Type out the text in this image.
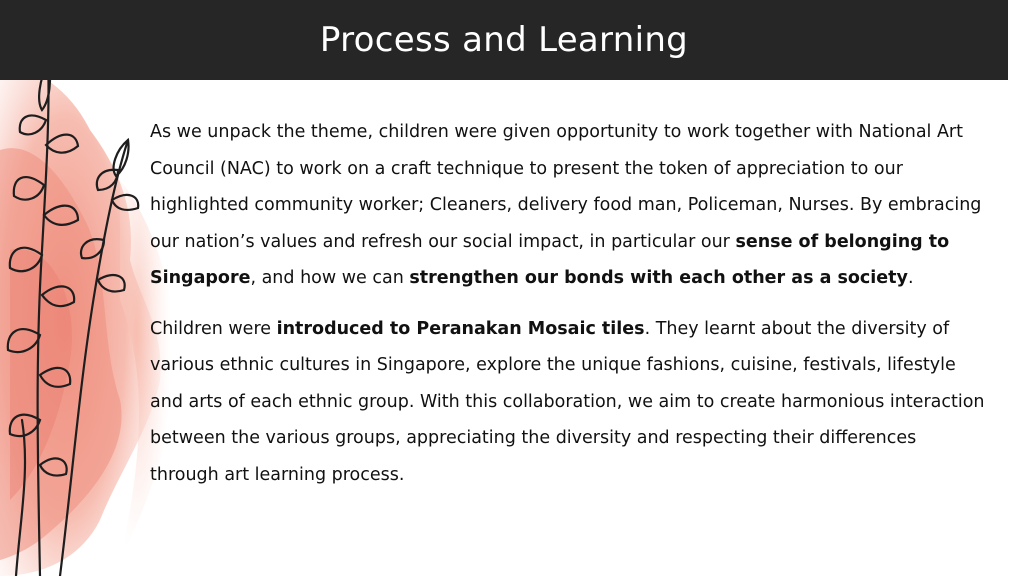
Process and Learning

As we unpack the theme, children were given opportunity to work together with National Art Council (NAC) to work on a craft technique to present the token of appreciation to our highlighted community worker; Cleaners, delivery food man, Policeman, Nurses. By embracing our nation’s values and refresh our social impact, in particular our sense of belonging to Singapore, and how we can strengthen our bonds with each other as a society.

Children were introduced to Peranakan Mosaic tiles. They learnt about the diversity of various ethnic cultures in Singapore, explore the unique fashions, cuisine, festivals, lifestyle and arts of each ethnic group. With this collaboration, we aim to create harmonious interaction between the various groups, appreciating the diversity and respecting their differences through art learning process.
